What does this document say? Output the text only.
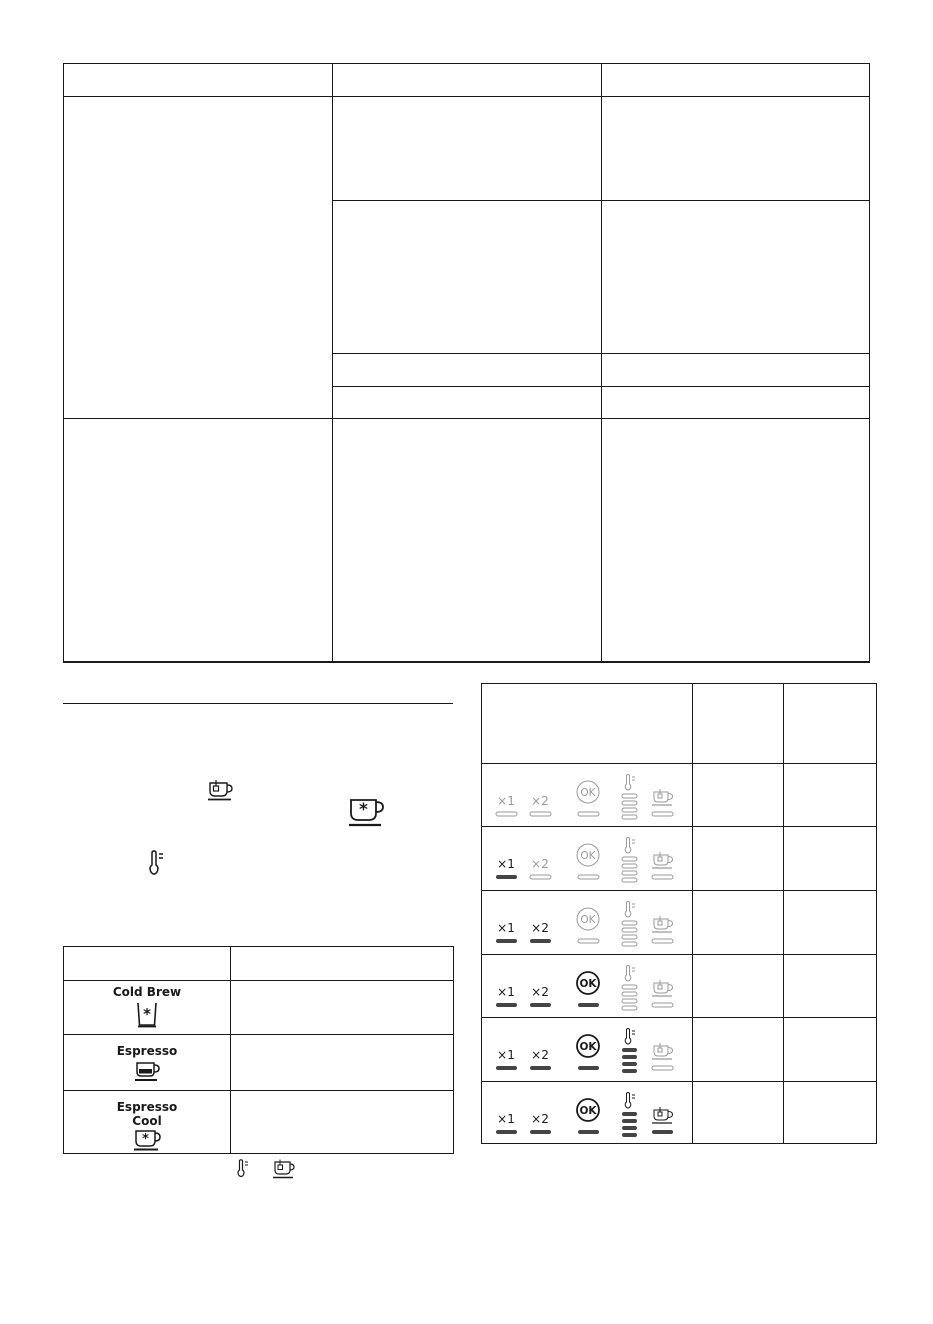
*
Cold Brew
*
Espresso
Espresso
Cool
*
×1 ×2
OK
×1 ×2
OK
×1 ×2
OK
×1 ×2
OK
×1 ×2
OK
×1 ×2
OK
